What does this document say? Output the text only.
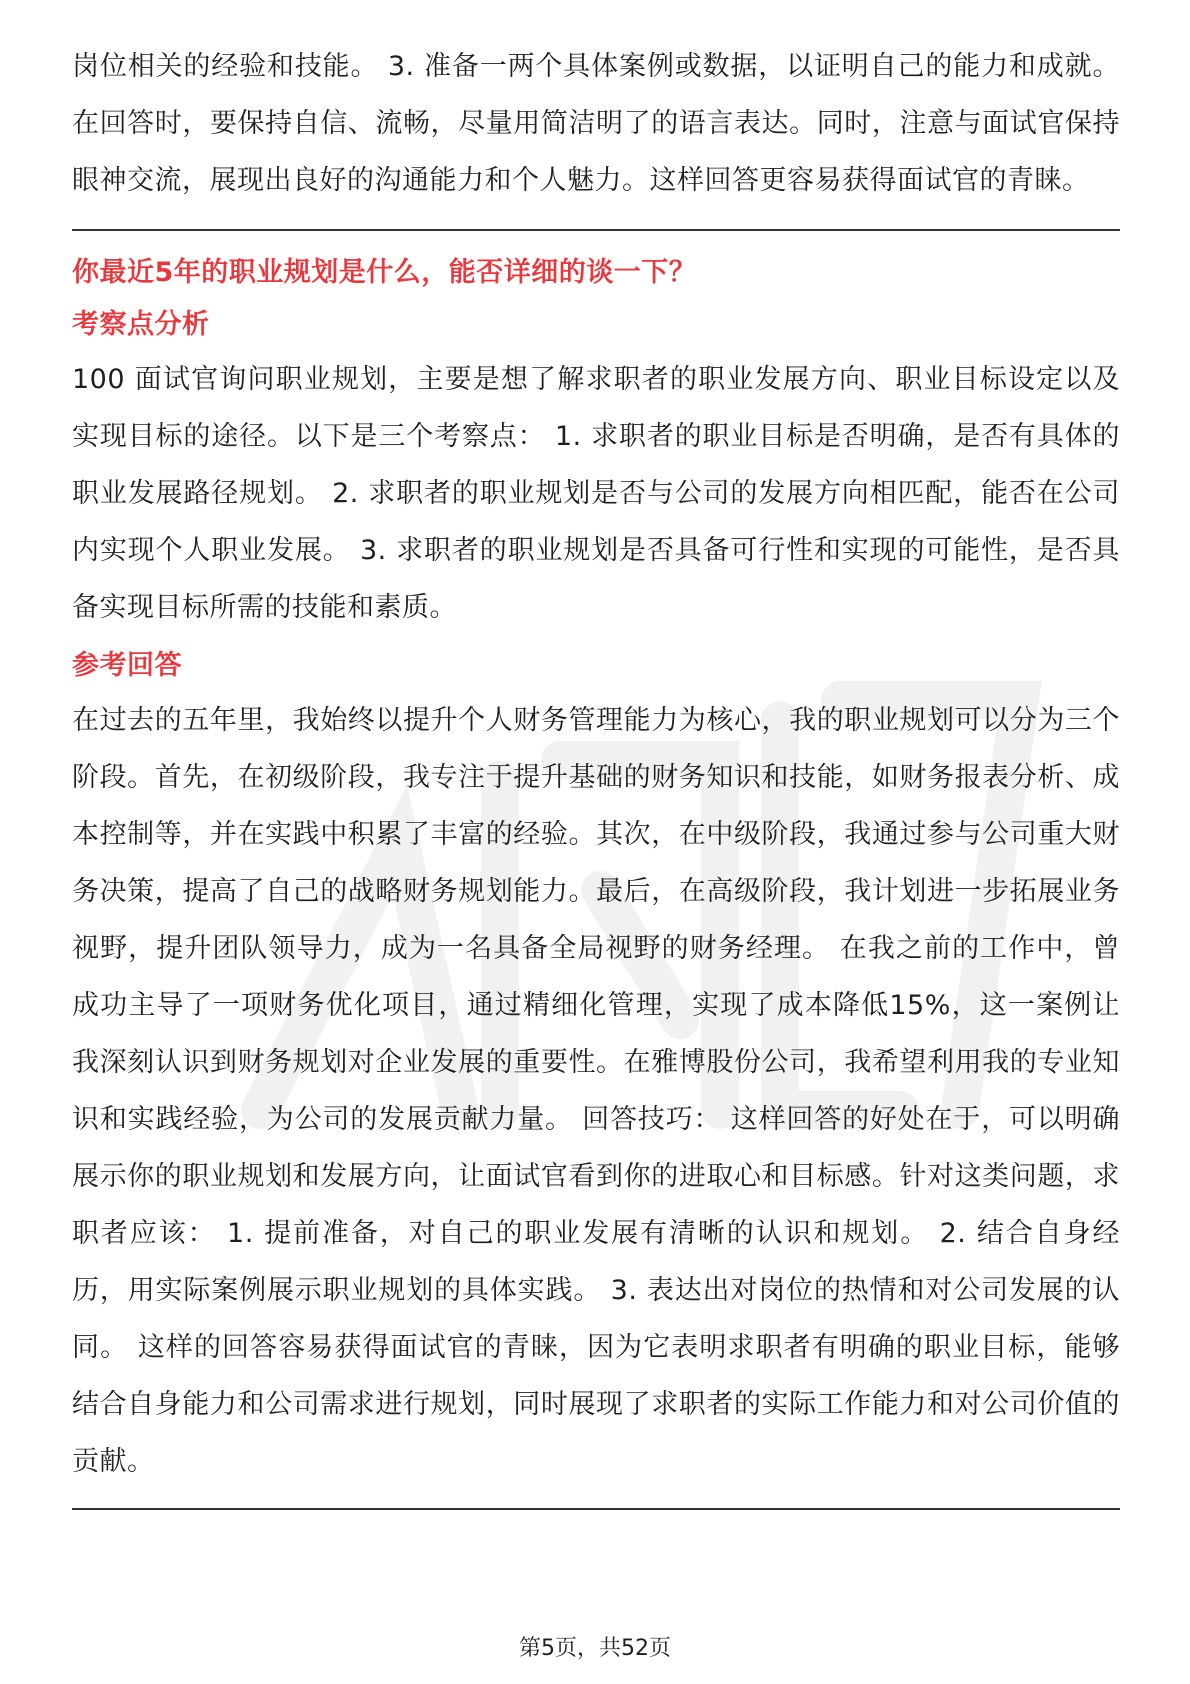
岗位相关的经验和技能。 3. 准备一两个具体案例或数据，以证明自己的能力和成就。 在回答时，要保持自信、流畅，尽量用简洁明了的语言表达。同时，注意与面试官保持眼神交流，展现出良好的沟通能力和个人魅力。这样回答更容易获得面试官的青睐。

你最近5年的职业规划是什么，能否详细的谈一下？

考察点分析

100 面试官询问职业规划，主要是想了解求职者的职业发展方向、职业目标设定以及实现目标的途径。以下是三个考察点： 1. 求职者的职业目标是否明确，是否有具体的职业发展路径规划。 2. 求职者的职业规划是否与公司的发展方向相匹配，能否在公司内实现个人职业发展。 3. 求职者的职业规划是否具备可行性和实现的可能性，是否具备实现目标所需的技能和素质。

参考回答

在过去的五年里，我始终以提升个人财务管理能力为核心，我的职业规划可以分为三个阶段。首先，在初级阶段，我专注于提升基础的财务知识和技能，如财务报表分析、成本控制等，并在实践中积累了丰富的经验。其次，在中级阶段，我通过参与公司重大财务决策，提高了自己的战略财务规划能力。最后，在高级阶段，我计划进一步拓展业务视野，提升团队领导力，成为一名具备全局视野的财务经理。 在我之前的工作中，曾成功主导了一项财务优化项目，通过精细化管理，实现了成本降低15%，这一案例让我深刻认识到财务规划对企业发展的重要性。在雅博股份公司，我希望利用我的专业知识和实践经验，为公司的发展贡献力量。 回答技巧： 这样回答的好处在于，可以明确展示你的职业规划和发展方向，让面试官看到你的进取心和目标感。针对这类问题，求职者应该： 1. 提前准备，对自己的职业发展有清晰的认识和规划。 2. 结合自身经历，用实际案例展示职业规划的具体实践。 3. 表达出对岗位的热情和对公司发展的认同。 这样的回答容易获得面试官的青睐，因为它表明求职者有明确的职业目标，能够结合自身能力和公司需求进行规划，同时展现了求职者的实际工作能力和对公司价值的贡献。

第5页，共52页
